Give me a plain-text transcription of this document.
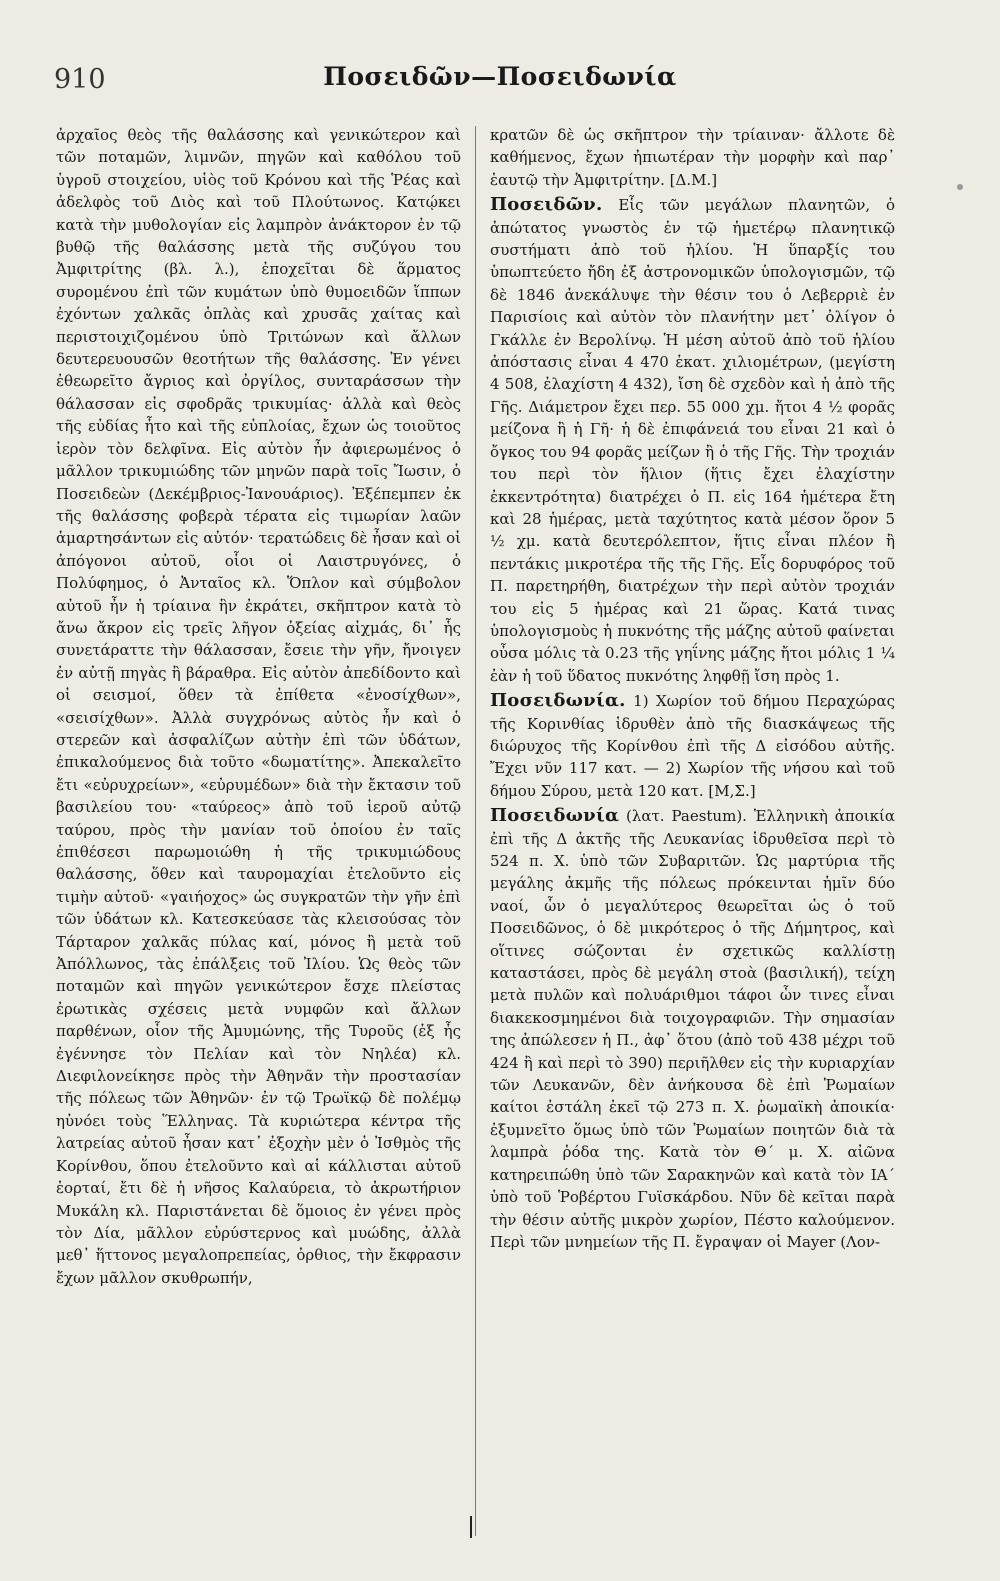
910	Ποσειδῶν—Ποσειδωνία

ἀρχαῖος θεὸς τῆς θαλάσσης καὶ γενικώτερον καὶ τῶν ποταμῶν, λιμνῶν, πηγῶν καὶ καθόλου τοῦ ὑγροῦ στοιχείου, υἱὸς τοῦ Κρόνου καὶ τῆς Ῥέας καὶ ἀδελφὸς τοῦ Διὸς καὶ τοῦ Πλούτωνος. Κατῴκει κατὰ τὴν μυθολογίαν εἰς λαμπρὸν ἀνάκτορον ἐν τῷ βυθῷ τῆς θαλάσσης μετὰ τῆς συζύγου του Ἀμφιτρίτης (βλ. λ.), ἐποχεῖται δὲ ἅρματος συρομένου ἐπὶ τῶν κυμάτων ὑπὸ θυμοειδῶν ἵππων ἐχόντων χαλκᾶς ὁπλὰς καὶ χρυσᾶς χαίτας καὶ περιστοιχιζομένου ὑπὸ Τριτώνων καὶ ἄλλων δευτερευουσῶν θεοτήτων τῆς θαλάσσης. Ἐν γένει ἐθεωρεῖτο ἄγριος καὶ ὀργίλος, συνταράσσων τὴν θάλασσαν εἰς σφοδρᾶς τρικυμίας· ἀλλὰ καὶ θεὸς τῆς εὐδίας ἦτο καὶ τῆς εὐπλοίας, ἔχων ὡς τοιοῦτος ἱερὸν τὸν δελφῖνα. Εἰς αὐτὸν ἦν ἀφιερωμένος ὁ μᾶλλον τρικυμιώδης τῶν μηνῶν παρὰ τοῖς Ἴωσιν, ὁ Ποσειδεὼν (Δεκέμβριος-Ἰανουάριος). Ἐξέπεμπεν ἐκ τῆς θαλάσσης φοβερὰ τέρατα εἰς τιμωρίαν λαῶν ἁμαρτησάντων εἰς αὐτόν· τερατώδεις δὲ ἦσαν καὶ οἱ ἀπόγονοι αὐτοῦ, οἷοι οἱ Λαιστρυγόνες, ὁ Πολύφημος, ὁ Ἀνταῖος κλ. Ὅπλον καὶ σύμβολον αὐτοῦ ἦν ἡ τρίαινα ἣν ἐκράτει, σκῆπτρον κατὰ τὸ ἄνω ἄκρον εἰς τρεῖς λῆγον ὀξείας αἰχμάς, δι᾽ ἧς συνετάραττε τὴν θάλασσαν, ἔσειε τὴν γῆν, ἤνοιγεν ἐν αὐτῇ πηγὰς ἢ βάραθρα. Εἰς αὐτὸν ἀπεδίδοντο καὶ οἱ σεισμοί, ὅθεν τὰ ἐπίθετα «ἐνοσίχθων», «σεισίχθων». Ἀλλὰ συγχρόνως αὐτὸς ἦν καὶ ὁ στερεῶν καὶ ἀσφαλίζων αὐτὴν ἐπὶ τῶν ὑδάτων, ἐπικαλούμενος διὰ τοῦτο «δωματίτης». Ἀπεκαλεῖτο ἔτι «εὐρυχρείων», «εὐρυμέδων» διὰ τὴν ἔκτασιν τοῦ βασιλείου του· «ταύρεος» ἀπὸ τοῦ ἱεροῦ αὐτῷ ταύρου, πρὸς τὴν μανίαν τοῦ ὁποίου ἐν ταῖς ἐπιθέσεσι παρωμοιώθη ἡ τῆς τρικυμιώδους θαλάσσης, ὅθεν καὶ ταυρομαχίαι ἐτελοῦντο εἰς τιμὴν αὐτοῦ· «γαιήοχος» ὡς συγκρατῶν τὴν γῆν ἐπὶ τῶν ὑδάτων κλ. Κατεσκεύασε τὰς κλεισούσας τὸν Τάρταρον χαλκᾶς πύλας καί, μόνος ἢ μετὰ τοῦ Ἀπόλλωνος, τὰς ἐπάλξεις τοῦ Ἰλίου. Ὡς θεὸς τῶν ποταμῶν καὶ πηγῶν γενικώτερον ἔσχε πλείστας ἐρωτικὰς σχέσεις μετὰ νυμφῶν καὶ ἄλλων παρθένων, οἷον τῆς Ἀμυμώνης, τῆς Τυροῦς (ἐξ ἧς ἐγέννησε τὸν Πελίαν καὶ τὸν Νηλέα) κλ. Διεφιλονείκησε πρὸς τὴν Ἀθηνᾶν τὴν προστασίαν τῆς πόλεως τῶν Ἀθηνῶν· ἐν τῷ Τρωϊκῷ δὲ πολέμῳ ηὐνόει τοὺς Ἕλληνας. Τὰ κυριώτερα κέντρα τῆς λατρείας αὐτοῦ ἦσαν κατ᾽ ἐξοχὴν μὲν ὁ Ἰσθμὸς τῆς Κορίνθου, ὅπου ἐτελοῦντο καὶ αἱ κάλλισται αὐτοῦ ἑορταί, ἔτι δὲ ἡ νῆσος Καλαύρεια, τὸ ἀκρωτήριον Μυκάλη κλ. Παριστάνεται δὲ ὅμοιος ἐν γένει πρὸς τὸν Δία, μᾶλλον εὐρύστερνος καὶ μυώδης, ἀλλὰ μεθ᾽ ἥττονος μεγαλοπρεπείας, ὀρθιος, τὴν ἔκφρασιν ἔχων μᾶλλον σκυθρωπήν,

κρατῶν δὲ ὡς σκῆπτρον τὴν τρίαιναν· ἄλλοτε δὲ καθήμενος, ἔχων ἠπιωτέραν τὴν μορφὴν καὶ παρ᾽ ἑαυτῷ τὴν Ἀμφιτρίτην. [Δ.Μ.]

Ποσειδῶν. Εἷς τῶν μεγάλων πλανητῶν, ὁ ἀπώτατος γνωστὸς ἐν τῷ ἡμετέρῳ πλανητικῷ συστήματι ἀπὸ τοῦ ἡλίου. Ἡ ὕπαρξίς του ὑπωπτεύετο ἤδη ἐξ ἀστρονομικῶν ὑπολογισμῶν, τῷ δὲ 1846 ἀνεκάλυψε τὴν θέσιν του ὁ Λεβερριὲ ἐν Παρισίοις καὶ αὐτὸν τὸν πλανήτην μετ᾽ ὀλίγον ὁ Γκάλλε ἐν Βερολίνῳ. Ἡ μέση αὐτοῦ ἀπὸ τοῦ ἡλίου ἀπόστασις εἶναι 4 470 ἑκατ. χιλιομέτρων, (μεγίστη 4 508, ἐλαχίστη 4 432), ἴση δὲ σχεδὸν καὶ ἡ ἀπὸ τῆς Γῆς. Διάμετρον ἔχει περ. 55 000 χμ. ἤτοι 4 ½ φορᾶς μείζονα ἢ ἡ Γῆ· ἡ δὲ ἐπιφάνειά του εἶναι 21 καὶ ὁ ὄγκος του 94 φορᾶς μείζων ἢ ὁ τῆς Γῆς. Τὴν τροχιάν του περὶ τὸν ἥλιον (ἥτις ἔχει ἐλαχίστην ἐκκεντρότητα) διατρέχει ὁ Π. εἰς 164 ἡμέτερα ἔτη καὶ 28 ἡμέρας, μετὰ ταχύτητος κατὰ μέσον ὅρον 5 ½ χμ. κατὰ δευτερόλεπτον, ἥτις εἶναι πλέον ἢ πεντάκις μικροτέρα τῆς τῆς Γῆς. Εἷς δορυφόρος τοῦ Π. παρετηρήθη, διατρέχων τὴν περὶ αὐτὸν τροχιάν του εἰς 5 ἡμέρας καὶ 21 ὥρας. Κατά τινας ὑπολογισμοὺς ἡ πυκνότης τῆς μάζης αὐτοῦ φαίνεται οὖσα μόλις τὰ 0.23 τῆς γηΐνης μάζης ἤτοι μόλις 1 ¼ ἐὰν ἡ τοῦ ὕδατος πυκνότης ληφθῇ ἴση πρὸς 1.

Ποσειδωνία. 1) Χωρίον τοῦ δήμου Περαχώρας τῆς Κορινθίας ἱδρυθὲν ἀπὸ τῆς διασκάψεως τῆς διώρυχος τῆς Κορίνθου ἐπὶ τῆς Δ εἰσόδου αὐτῆς. Ἔχει νῦν 117 κατ. — 2) Χωρίον τῆς νήσου καὶ τοῦ δήμου Σύρου, μετὰ 120 κατ. [Μ,Σ.]

Ποσειδωνία (λατ. Paestum). Ἑλληνικὴ ἀποικία ἐπὶ τῆς Δ ἀκτῆς τῆς Λευκανίας ἱδρυθεῖσα περὶ τὸ 524 π. Χ. ὑπὸ τῶν Συβαριτῶν. Ὡς μαρτύρια τῆς μεγάλης ἀκμῆς τῆς πόλεως πρόκεινται ἡμῖν δύο ναοί, ὧν ὁ μεγαλύτερος θεωρεῖται ὡς ὁ τοῦ Ποσειδῶνος, ὁ δὲ μικρότερος ὁ τῆς Δήμητρος, καὶ οἵτινες σώζονται ἐν σχετικῶς καλλίστῃ καταστάσει, πρὸς δὲ μεγάλη στοὰ (βασιλική), τείχη μετὰ πυλῶν καὶ πολυάριθμοι τάφοι ὧν τινες εἶναι διακεκοσμημένοι διὰ τοιχογραφιῶν. Τὴν σημασίαν της ἀπώλεσεν ἡ Π., ἀφ᾽ ὅτου (ἀπὸ τοῦ 438 μέχρι τοῦ 424 ἢ καὶ περὶ τὸ 390) περιῆλθεν εἰς τὴν κυριαρχίαν τῶν Λευκανῶν, δὲν ἀνήκουσα δὲ ἐπὶ Ῥωμαίων καίτοι ἐστάλη ἐκεῖ τῷ 273 π. Χ. ῥωμαϊκὴ ἀποικία· ἐξυμνεῖτο ὅμως ὑπὸ τῶν Ῥωμαίων ποιητῶν διὰ τὰ λαμπρὰ ῥόδα της. Κατὰ τὸν Θ´ μ. Χ. αἰῶνα κατηρειπώθη ὑπὸ τῶν Σαρακηνῶν καὶ κατὰ τὸν ΙΑ´ ὑπὸ τοῦ Ῥοβέρτου Γυϊσκάρδου. Νῦν δὲ κεῖται παρὰ τὴν θέσιν αὐτῆς μικρὸν χωρίον, Πέστο καλούμενον. Περὶ τῶν μνημείων τῆς Π. ἔγραψαν οἱ Mayer (Λον-
